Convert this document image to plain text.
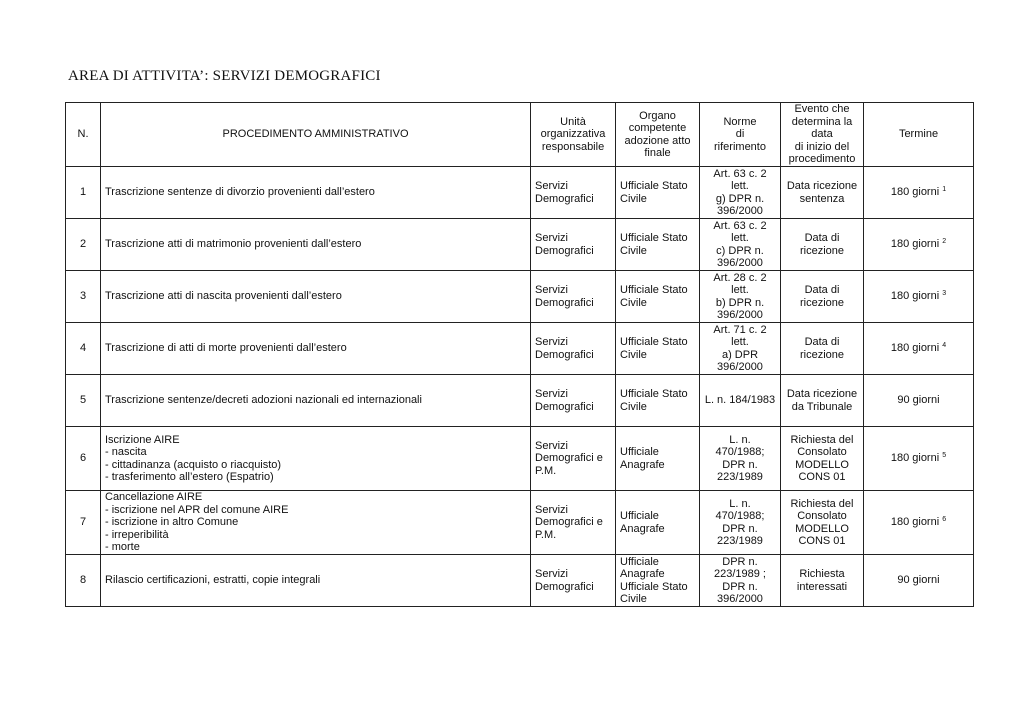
AREA DI ATTIVITA’: SERVIZI DEMOGRAFICI
N.	PROCEDIMENTO AMMINISTRATIVO	Unità
organizzativa
responsabile	Organo
competente
adozione atto
finale	Norme
di
riferimento	Evento che
determina la
data
di inizio del
procedimento	Termine
1	Trascrizione sentenze di divorzio provenienti dall’estero	Servizi
Demografici	Ufficiale Stato
Civile	Art. 63 c. 2 lett.
g) DPR n.
396/2000	Data ricezione
sentenza	180 giorni $^1$
2	Trascrizione atti di matrimonio provenienti dall’estero	Servizi
Demografici	Ufficiale Stato
Civile	Art. 63 c. 2 lett.
c) DPR n.
396/2000	Data di
ricezione	180 giorni $^2$
3	Trascrizione atti di nascita provenienti dall’estero	Servizi
Demografici	Ufficiale Stato
Civile	Art. 28 c. 2 lett.
b) DPR n.
396/2000	Data di
ricezione	180 giorni $^3$
4	Trascrizione di atti di morte provenienti dall’estero	Servizi
Demografici	Ufficiale Stato
Civile	Art. 71 c. 2 lett.
a) DPR
396/2000	Data di
ricezione	180 giorni $^4$
5	Trascrizione sentenze/decreti adozioni nazionali ed internazionali	Servizi
Demografici	Ufficiale Stato
Civile	L. n. 184/1983	Data ricezione
da Tribunale	90 giorni
6	Iscrizione AIRE
- nascita
- cittadinanza (acquisto o riacquisto)
- trasferimento all’estero (Espatrio)	Servizi
Demografici e
P.M.	Ufficiale
Anagrafe	L. n. 470/1988;
DPR n.
223/1989	Richiesta del
Consolato
MODELLO
CONS 01	180 giorni $^5$
7	Cancellazione AIRE
- iscrizione nel APR del comune AIRE
- iscrizione in altro Comune
- irreperibilità
- morte	Servizi
Demografici e
P.M.	Ufficiale
Anagrafe	L. n. 470/1988;
DPR n.
223/1989	Richiesta del
Consolato
MODELLO
CONS 01	180 giorni $^6$
8	Rilascio certificazioni, estratti, copie integrali	Servizi
Demografici	Ufficiale
Anagrafe
Ufficiale Stato
Civile	DPR n.
223/1989 ;
DPR n.
396/2000	Richiesta
interessati	90 giorni
